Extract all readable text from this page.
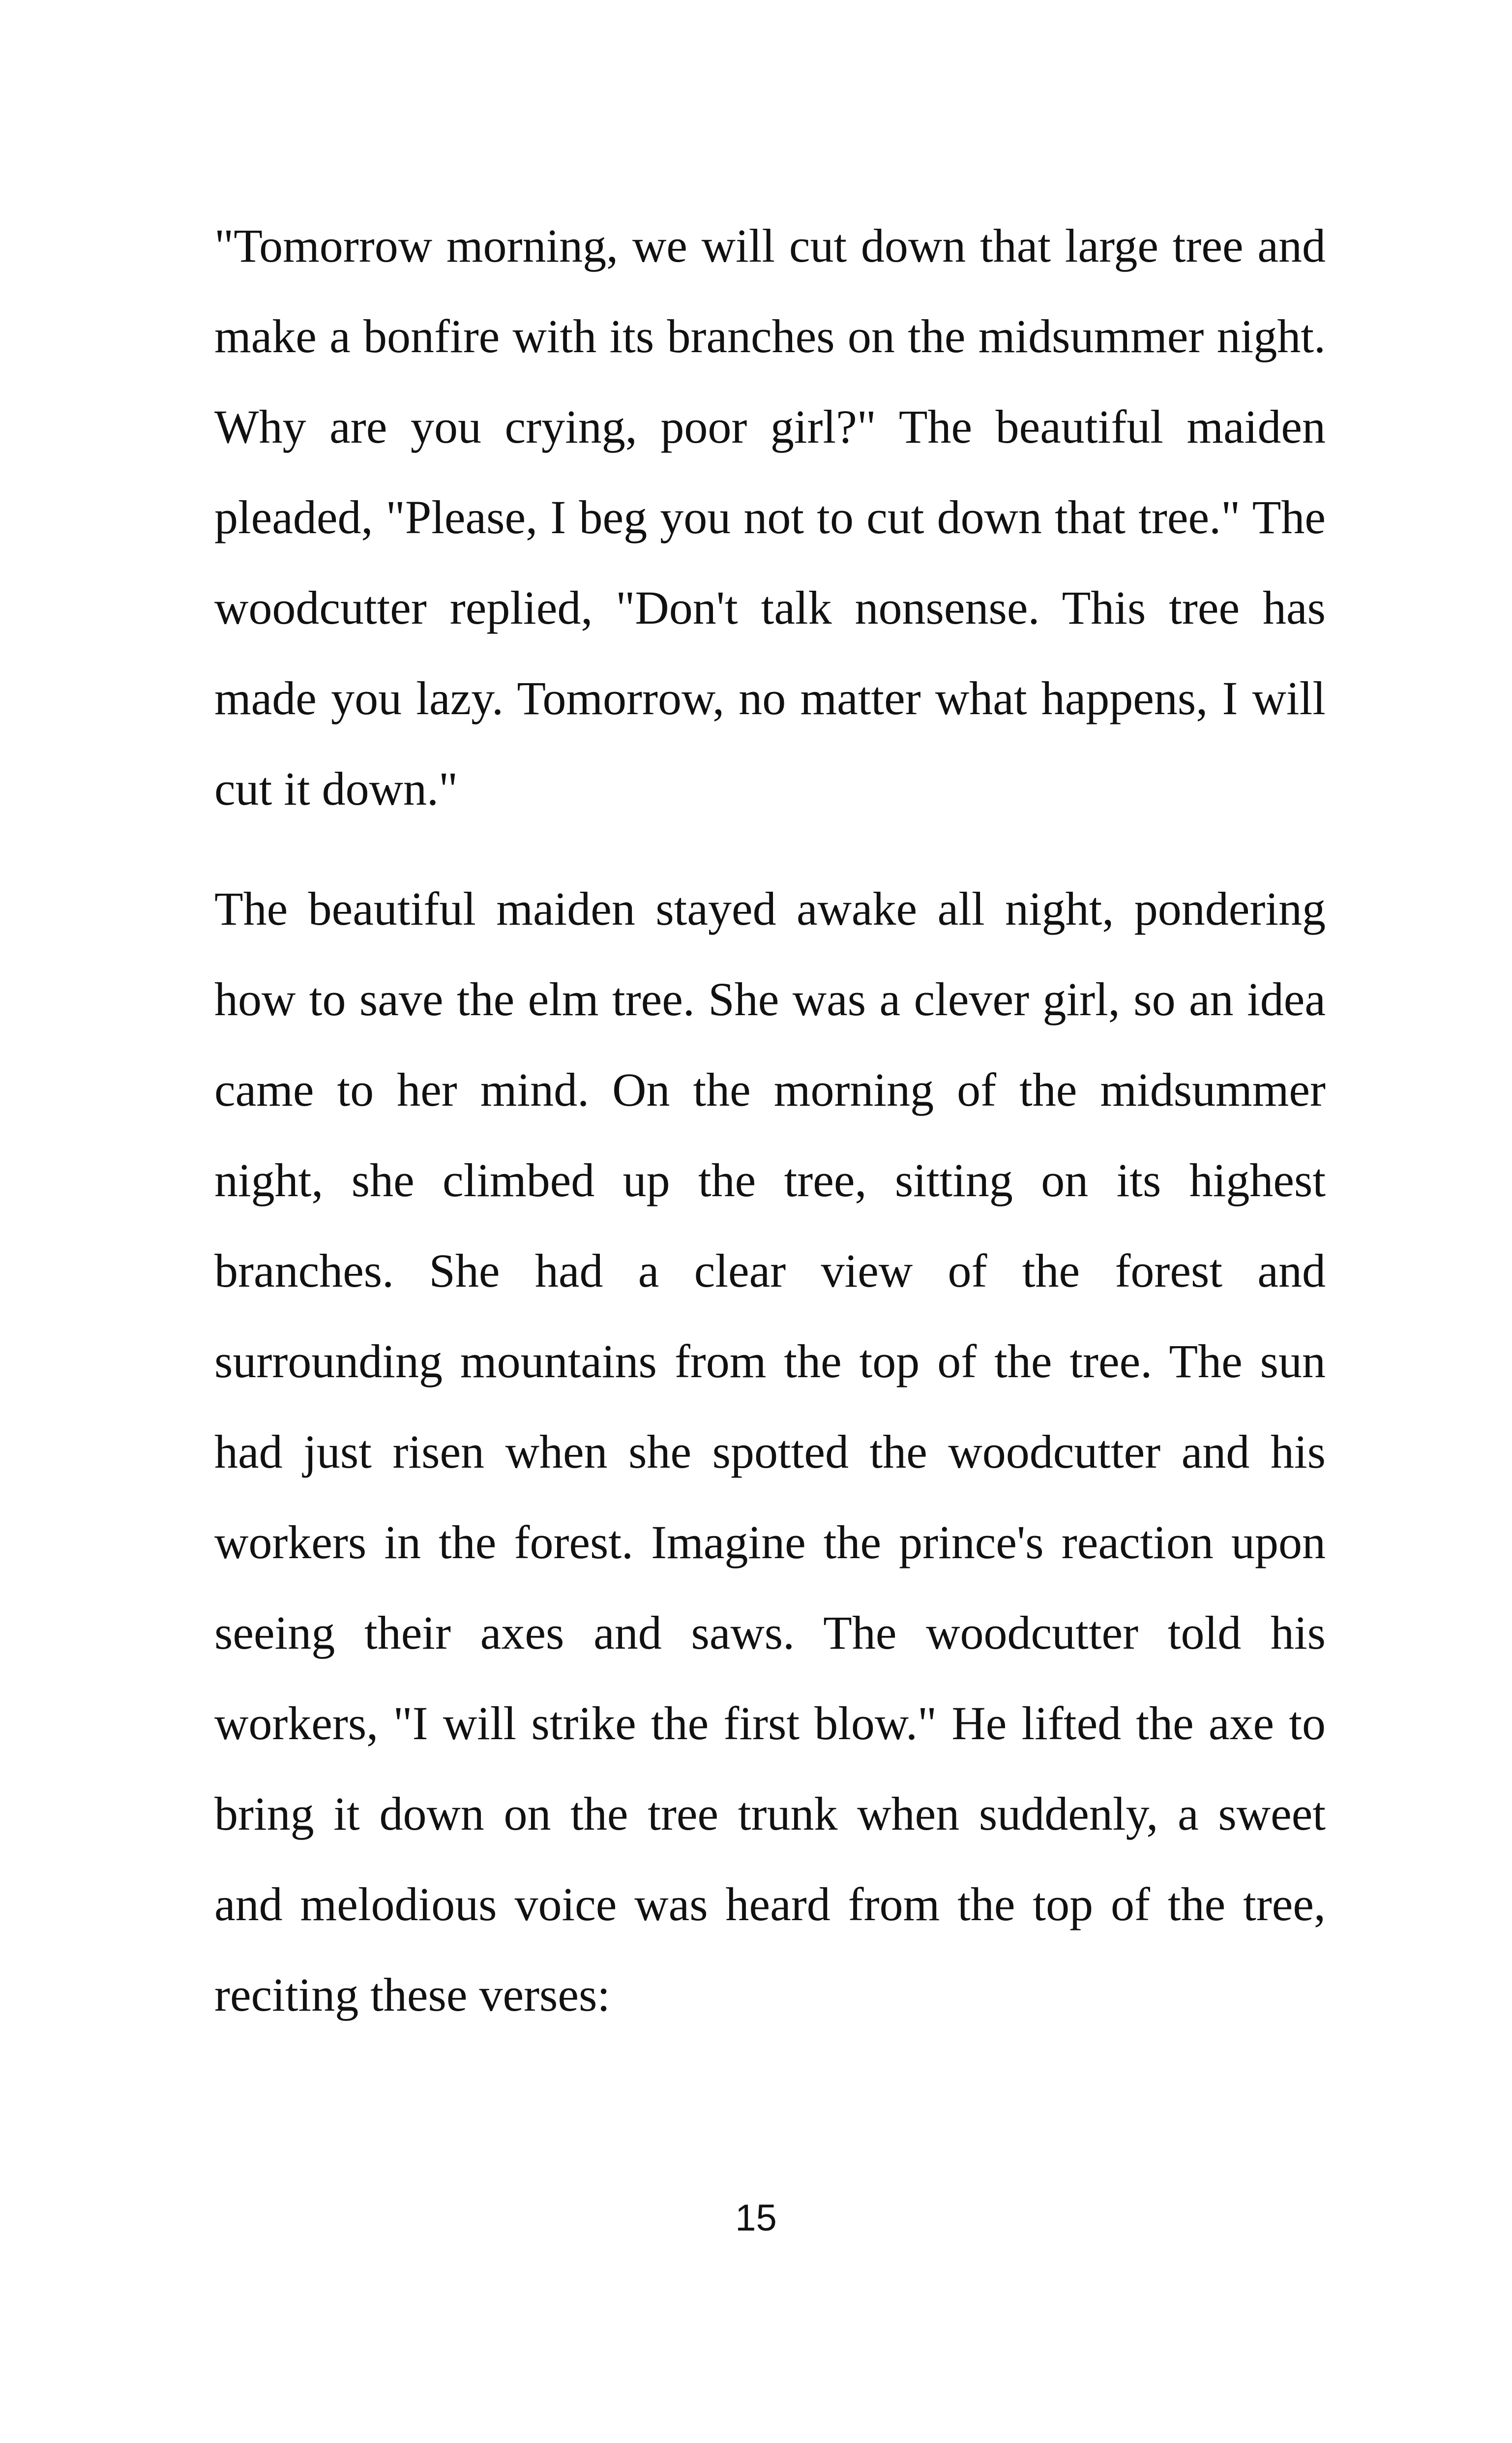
"Tomorrow morning, we will cut down that large tree and make a bonfire with its branches on the midsummer night. Why are you crying, poor girl?" The beautiful maiden pleaded, "Please, I beg you not to cut down that tree." The woodcutter replied, "Don't talk nonsense. This tree has made you lazy. Tomorrow, no matter what happens, I will cut it down."

The beautiful maiden stayed awake all night, pondering how to save the elm tree. She was a clever girl, so an idea came to her mind. On the morning of the midsummer night, she climbed up the tree, sitting on its highest branches. She had a clear view of the forest and surrounding mountains from the top of the tree. The sun had just risen when she spotted the woodcutter and his workers in the forest. Imagine the prince's reaction upon seeing their axes and saws. The woodcutter told his workers, "I will strike the first blow." He lifted the axe to bring it down on the tree trunk when suddenly, a sweet and melodious voice was heard from the top of the tree, reciting these verses:

15
